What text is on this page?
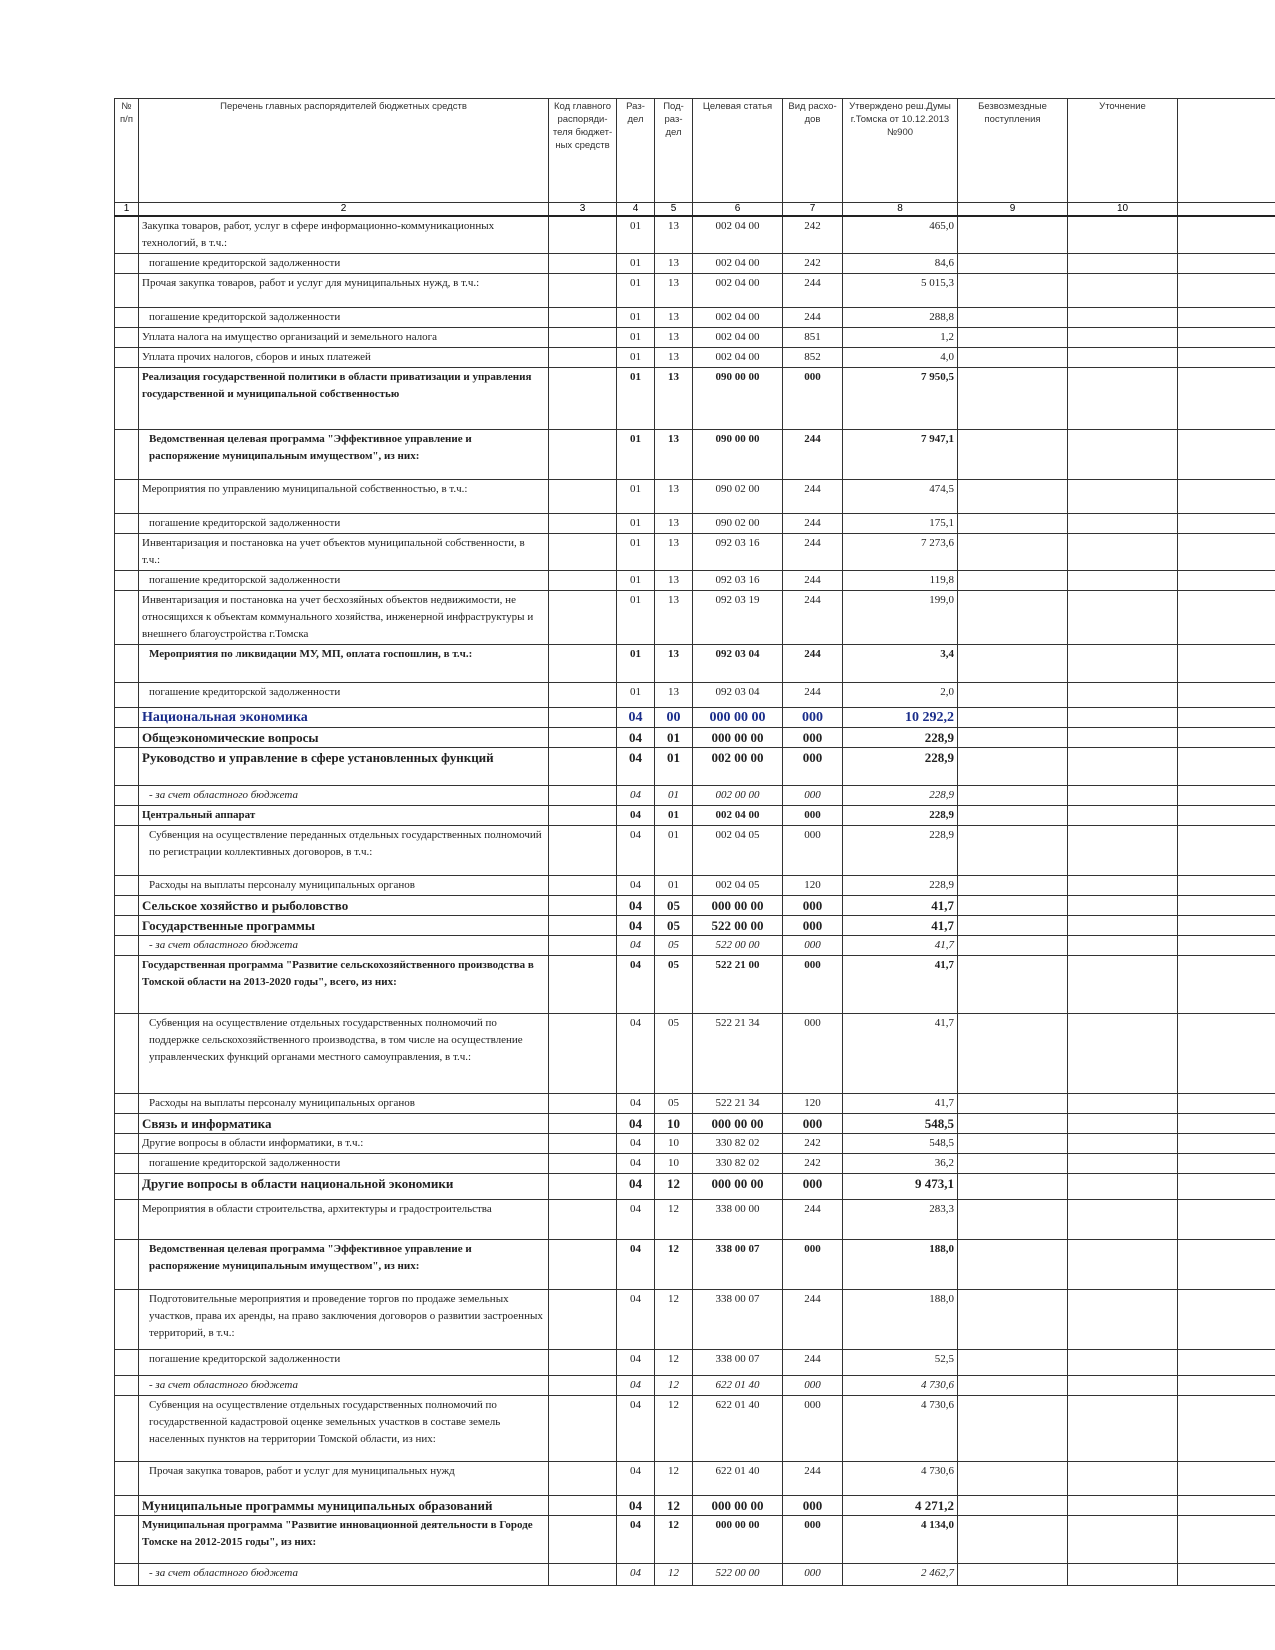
№ п/п	Перечень главных распорядителей бюджетных средств	Код главного распоряди-теля бюджет-ных средств	Раз-дел	Под-раз-дел	Целевая статья	Вид расхо-дов	Утверждено реш.Думы г.Томска от 10.12.2013 №900	Безвозмездные поступления	Уточнение	
1	2	3	4	5	6	7	8	9	10	
	Закупка товаров, работ, услуг в сфере информационно-коммуникационных технологий, в т.ч.:		01	13	002 04 00	242	465,0			
	погашение кредиторской задолженности		01	13	002 04 00	242	84,6			
	Прочая закупка товаров, работ и услуг для муниципальных нужд, в т.ч.:		01	13	002 04 00	244	5 015,3			
	погашение кредиторской задолженности		01	13	002 04 00	244	288,8			
	Уплата налога на имущество организаций и земельного налога		01	13	002 04 00	851	1,2			
	Уплата прочих налогов, сборов и иных платежей		01	13	002 04 00	852	4,0			
	Реализация государственной политики в области приватизации и управления государственной и муниципальной собственностью		01	13	090 00 00	000	7 950,5			
	Ведомственная целевая программа "Эффективное управление и распоряжение муниципальным имуществом", из них:		01	13	090 00 00	244	7 947,1			
	Мероприятия по управлению муниципальной собственностью, в т.ч.:		01	13	090 02 00	244	474,5			
	погашение кредиторской задолженности		01	13	090 02 00	244	175,1			
	Инвентаризация и постановка на учет объектов муниципальной собственности, в т.ч.:		01	13	092 03 16	244	7 273,6			
	погашение кредиторской задолженности		01	13	092 03 16	244	119,8			
	Инвентаризация и постановка на учет бесхозяйных объектов недвижимости, не относящихся к объектам коммунального хозяйства, инженерной инфраструктуры и внешнего благоустройства г.Томска		01	13	092 03 19	244	199,0			
	Мероприятия по ликвидации МУ, МП, оплата госпошлин, в т.ч.:		01	13	092 03 04	244	3,4			
	погашение кредиторской задолженности		01	13	092 03 04	244	2,0			
	Национальная экономика		04	00	000 00 00	000	10 292,2			
	Общеэкономические вопросы		04	01	000 00 00	000	228,9			
	Руководство и управление в сфере установленных функций		04	01	002 00 00	000	228,9			
	- за счет областного бюджета		04	01	002 00 00	000	228,9			
	Центральный аппарат		04	01	002 04 00	000	228,9			
	Субвенция на осуществление переданных отдельных государственных полномочий по регистрации коллективных договоров, в т.ч.:		04	01	002 04 05	000	228,9			
	Расходы на выплаты персоналу муниципальных органов		04	01	002 04 05	120	228,9			
	Сельское хозяйство и рыболовство		04	05	000 00 00	000	41,7			
	Государственные программы		04	05	522 00 00	000	41,7			
	- за счет областного бюджета		04	05	522 00 00	000	41,7			
	Государственная программа "Развитие сельскохозяйственного производства в Томской области на 2013-2020 годы", всего, из них:		04	05	522 21 00	000	41,7			
	Субвенция на осуществление отдельных государственных полномочий по поддержке сельскохозяйственного производства, в том числе на осуществление управленческих функций органами местного самоуправления, в т.ч.:		04	05	522 21 34	000	41,7			
	Расходы на выплаты персоналу муниципальных органов		04	05	522 21 34	120	41,7			
	Связь и информатика		04	10	000 00 00	000	548,5			
	Другие вопросы в области информатики, в т.ч.:		04	10	330 82 02	242	548,5			
	погашение кредиторской задолженности		04	10	330 82 02	242	36,2			
	Другие вопросы в области национальной экономики		04	12	000 00 00	000	9 473,1			
	Мероприятия в области строительства, архитектуры и градостроительства		04	12	338 00 00	244	283,3			
	Ведомственная целевая программа "Эффективное управление и распоряжение муниципальным имуществом", из них:		04	12	338 00 07	000	188,0			
	Подготовительные мероприятия и проведение торгов по продаже земельных участков, права их аренды, на право заключения договоров о развитии застроенных территорий, в т.ч.:		04	12	338 00 07	244	188,0			
	погашение кредиторской задолженности		04	12	338 00 07	244	52,5			
	- за счет областного бюджета		04	12	622 01 40	000	4 730,6			
	Субвенция на осуществление отдельных государственных полномочий по государственной кадастровой оценке земельных участков в составе земель населенных пунктов на территории Томской области, из них:		04	12	622 01 40	000	4 730,6			
	Прочая закупка товаров, работ и услуг для муниципальных нужд		04	12	622 01 40	244	4 730,6			
	Муниципальные программы муниципальных образований		04	12	000 00 00	000	4 271,2			
	Муниципальная программа "Развитие инновационной деятельности в Городе Томске на 2012-2015 годы", из них:		04	12	000 00 00	000	4 134,0			
	- за счет областного бюджета		04	12	522 00 00	000	2 462,7			
